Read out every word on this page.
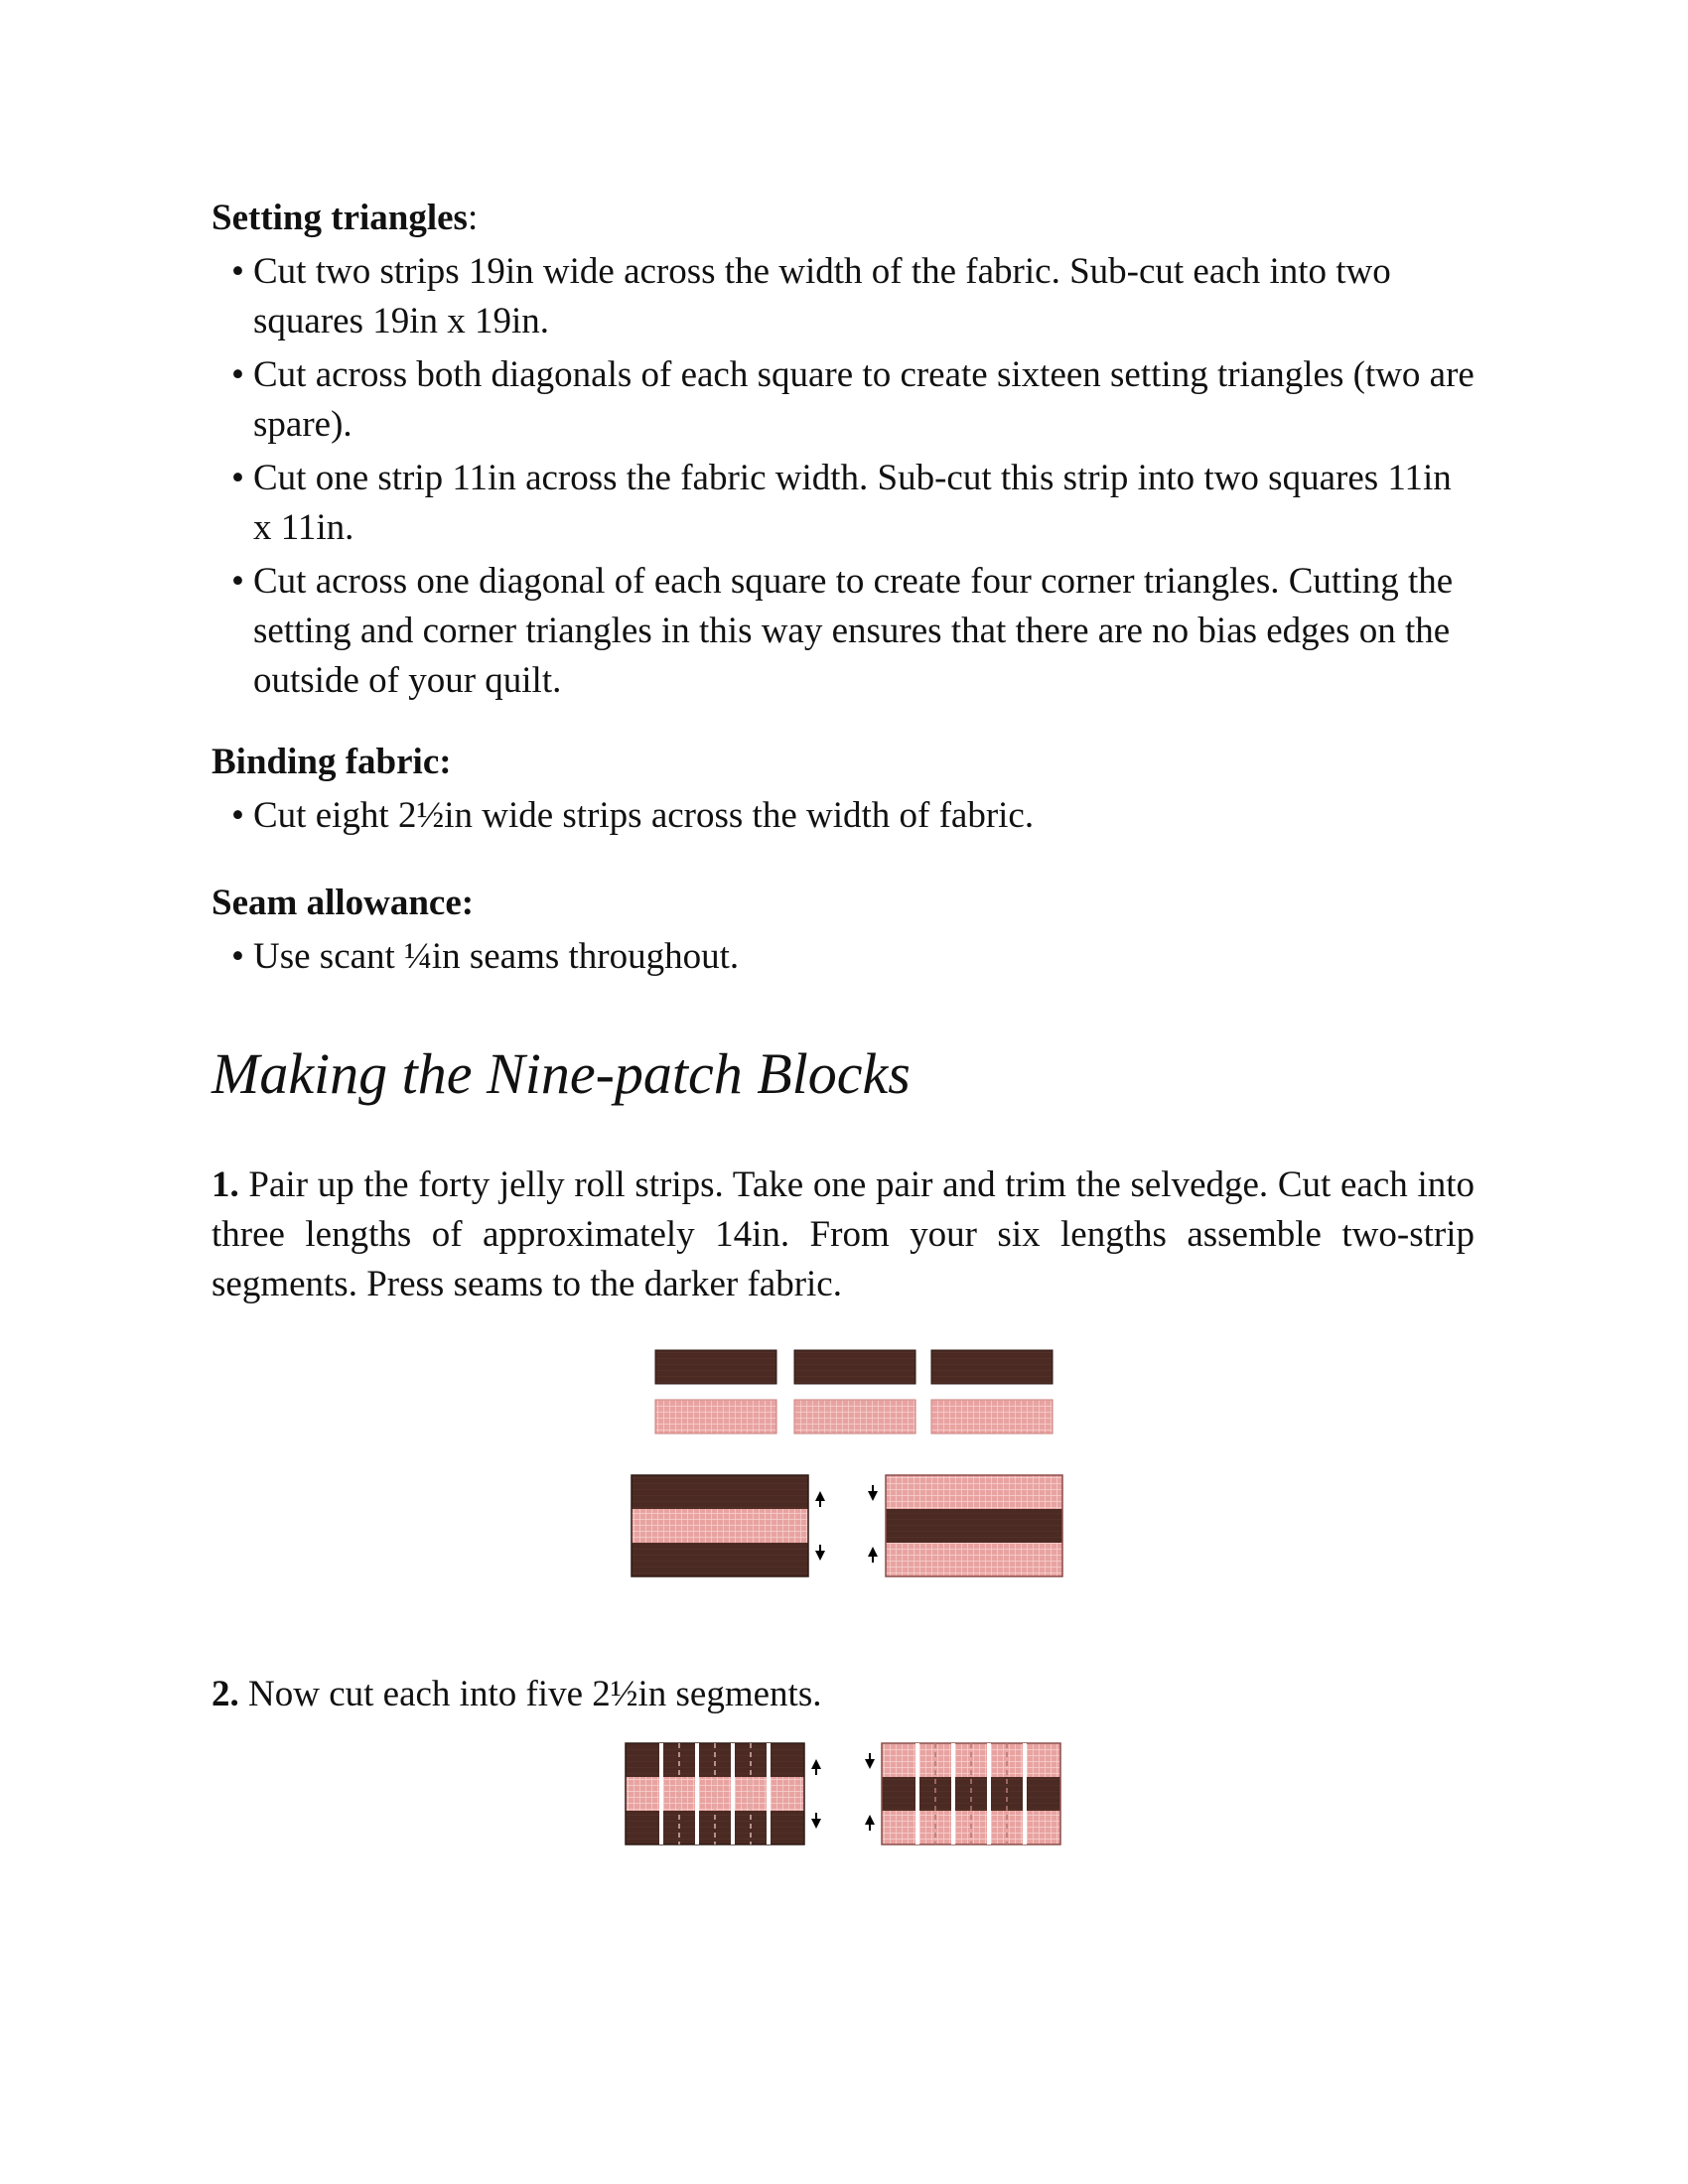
Setting triangles:
• Cut two strips 19in wide across the width of the fabric. Sub-cut each into two squares 19in x 19in.
• Cut across both diagonals of each square to create sixteen setting triangles (two are spare).
• Cut one strip 11in across the fabric width. Sub-cut this strip into two squares 11in x 11in.
• Cut across one diagonal of each square to create four corner triangles. Cutting the setting and corner triangles in this way ensures that there are no bias edges on the outside of your quilt.
Binding fabric:
• Cut eight 2½in wide strips across the width of fabric.
Seam allowance:
• Use scant ¼in seams throughout.
Making the Nine-patch Blocks

1. Pair up the forty jelly roll strips. Take one pair and trim the selvedge. Cut each into three lengths of approximately 14in. From your six lengths assemble two-strip segments. Press seams to the darker fabric.

2. Now cut each into five 2½in segments.
